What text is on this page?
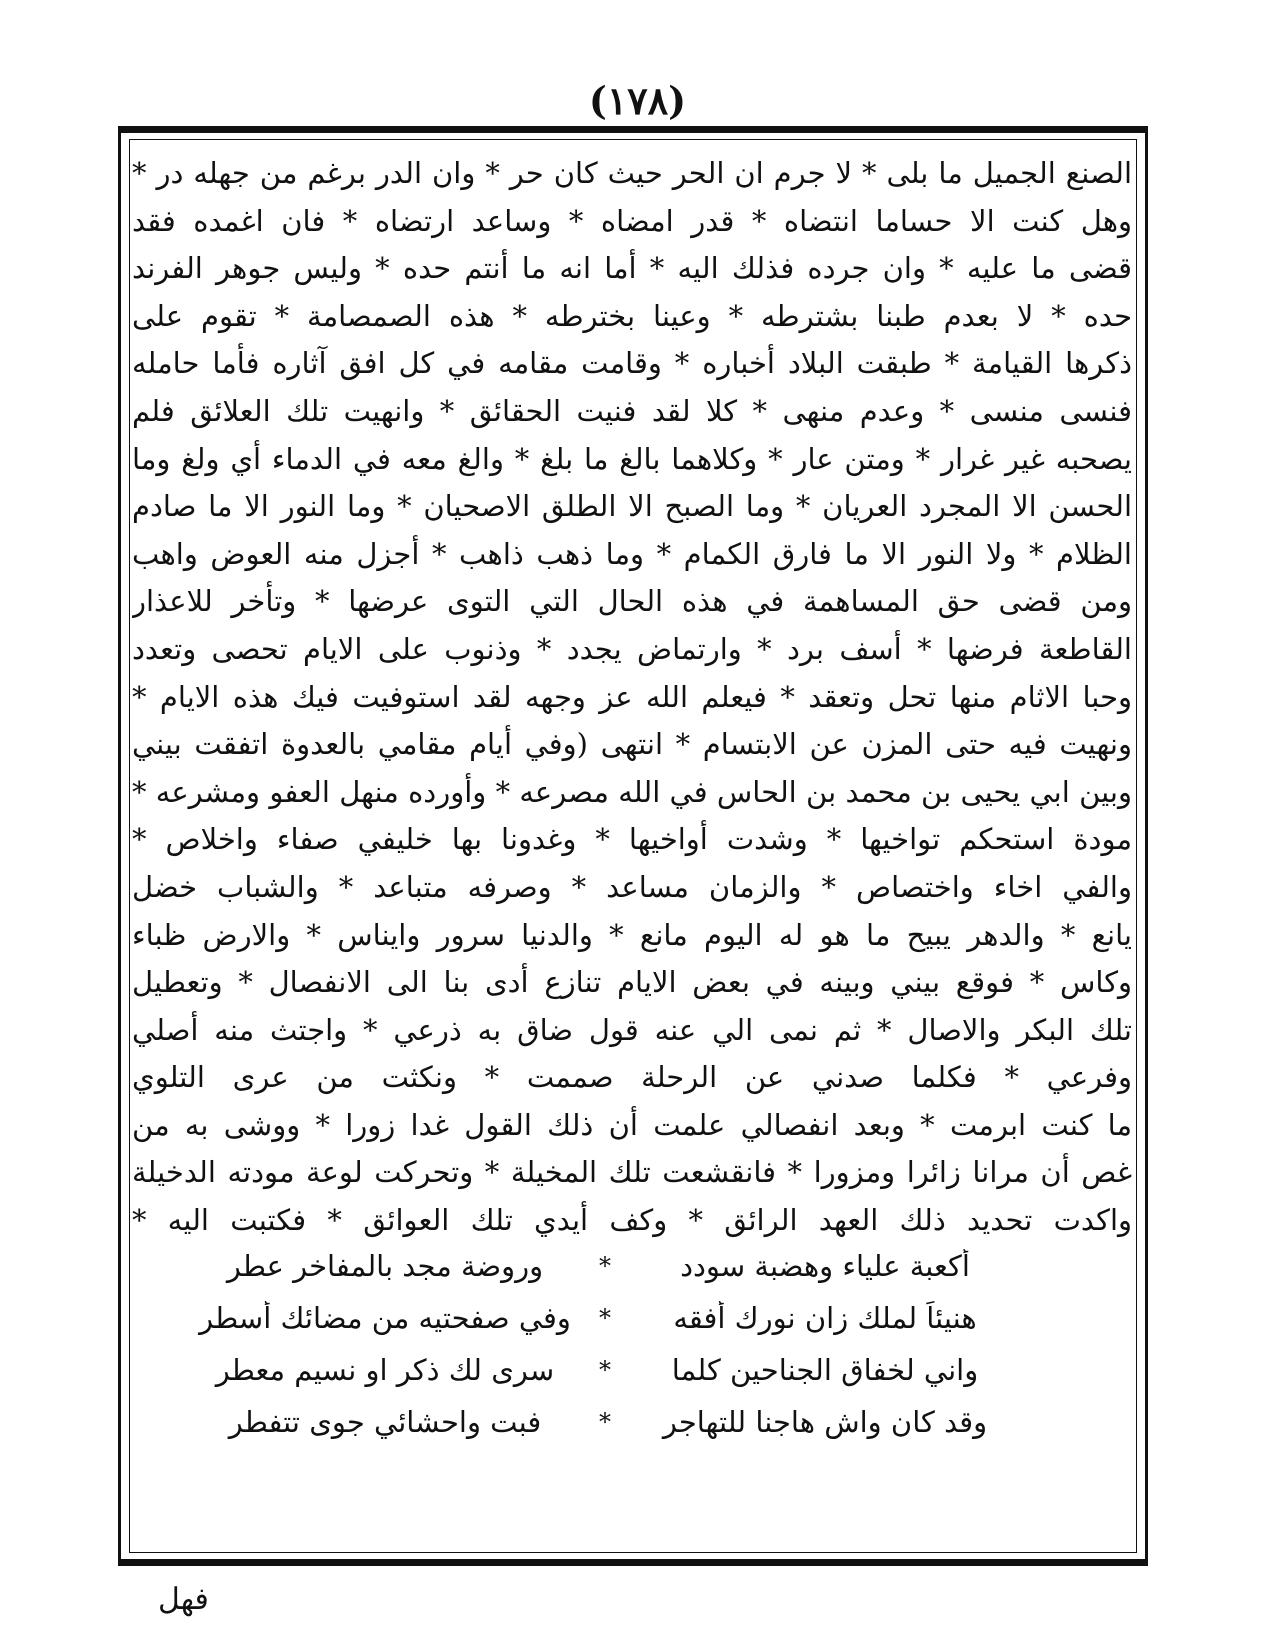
(١٧٨)
الصنع الجميل ما بلى * لا جرم ان الحر حيث كان حر * وان الدر برغم من جهله در *
وهل كنت الا حساما انتضاه * قدر امضاه * وساعد ارتضاه * فان اغمده فقد
قضى ما عليه * وان جرده فذلك اليه * أما انه ما أنتم حده * وليس جوهر الفرند
حده * لا بعدم طبنا بشترطه * وعينا بخترطه * هذه الصمصامة * تقوم على
ذكرها القيامة * طبقت البلاد أخباره * وقامت مقامه في كل افق آثاره فأما حامله
فنسى منسى * وعدم منهى * كلا لقد فنيت الحقائق * وانهيت تلك العلائق فلم
يصحبه غير غرار * ومتن عار * وكلاهما بالغ ما بلغ * والغ معه في الدماء أي ولغ وما
الحسن الا المجرد العريان * وما الصبح الا الطلق الاصحيان * وما النور الا ما صادم
الظلام * ولا النور الا ما فارق الكمام * وما ذهب ذاهب * أجزل منه العوض واهب
ومن قضى حق المساهمة في هذه الحال التي التوى عرضها * وتأخر للاعذار
القاطعة فرضها * أسف برد * وارتماض يجدد * وذنوب على الايام تحصى وتعدد
وحبا الاثام منها تحل وتعقد * فيعلم الله عز وجهه لقد استوفيت فيك هذه الايام *
ونهيت فيه حتى المزن عن الابتسام * انتهى (وفي أيام مقامي بالعدوة اتفقت بيني
وبين ابي يحيى بن محمد بن الحاس في الله مصرعه * وأورده منهل العفو ومشرعه *
مودة استحكم تواخيها * وشدت أواخيها * وغدونا بها خليفي صفاء واخلاص *
والفي اخاء واختصاص * والزمان مساعد * وصرفه متباعد * والشباب خضل
يانع * والدهر يبيح ما هو له اليوم مانع * والدنيا سرور وايناس * والارض ظباء
وكاس * فوقع بيني وبينه في بعض الايام تنازع أدى بنا الى الانفصال * وتعطيل
تلك البكر والاصال * ثم نمى الي عنه قول ضاق به ذرعي * واجتث منه أصلي
وفرعي * فكلما صدني عن الرحلة صممت * ونكثت من عرى التلوي
ما كنت ابرمت * وبعد انفصالي علمت أن ذلك القول غدا زورا * ووشى به من
غص أن مرانا زائرا ومزورا * فانقشعت تلك المخيلة * وتحركت لوعة مودته الدخيلة
واكدت تحديد ذلك العهد الرائق * وكف أيدي تلك العوائق * فكتبت اليه *
أكعبة علياء وهضبة سودد
*
وروضة مجد بالمفاخر عطر
هنيئاً لملك زان نورك أفقه
*
وفي صفحتيه من مضائك أسطر
واني لخفاق الجناحين كلما
*
سرى لك ذكر او نسيم معطر
وقد كان واش هاجنا للتهاجر
*
فبت واحشائي جوى تتفطر
فهل
